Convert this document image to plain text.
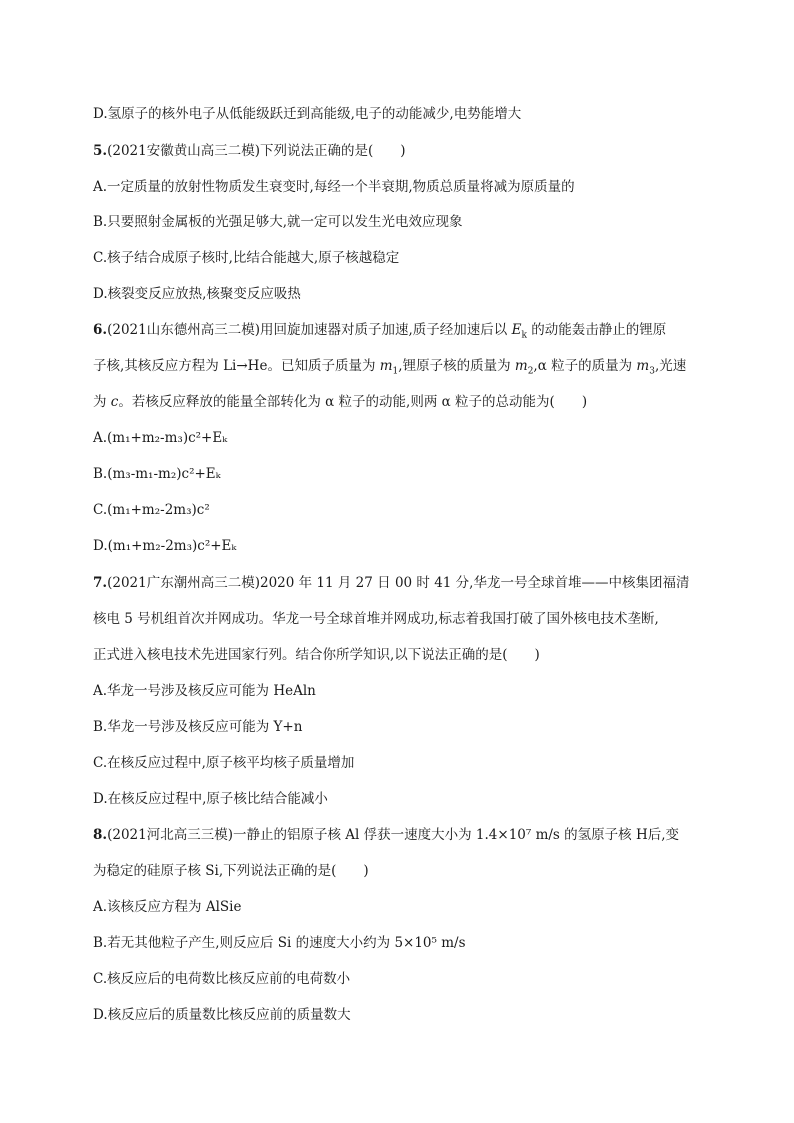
D.氢原子的核外电子从低能级跃迁到高能级,电子的动能减少,电势能增大
5.(2021安徽黄山高三二模)下列说法正确的是(　　)
A.一定质量的放射性物质发生衰变时,每经一个半衰期,物质总质量将减为原质量的
B.只要照射金属板的光强足够大,就一定可以发生光电效应现象
C.核子结合成原子核时,比结合能越大,原子核越稳定
D.核裂变反应放热,核聚变反应吸热
6.(2021山东德州高三二模)用回旋加速器对质子加速,质子经加速后以 $E_k$ 的动能轰击静止的锂原
子核,其核反应方程为 Li→He。已知质子质量为 $m_1$,锂原子核的质量为 $m_2,\alpha$ 粒子的质量为 $m_3$,光速
为 c。若核反应释放的能量全部转化为 α 粒子的动能,则两 α 粒子的总动能为(　　)
A.(m₁+m₂-m₃)c²+Eₖ
B.(m₃-m₁-m₂)c²+Eₖ
C.(m₁+m₂-2m₃)c²
D.(m₁+m₂-2m₃)c²+Eₖ
7.(2021广东潮州高三二模)2020 年 11 月 27 日 00 时 41 分,华龙一号全球首堆——中核集团福清
核电 5 号机组首次并网成功。华龙一号全球首堆并网成功,标志着我国打破了国外核电技术垄断,
正式进入核电技术先进国家行列。结合你所学知识,以下说法正确的是(　　)
A.华龙一号涉及核反应可能为 HeAln
B.华龙一号涉及核反应可能为 Y+n
C.在核反应过程中,原子核平均核子质量增加
D.在核反应过程中,原子核比结合能减小
8.(2021河北高三三模)一静止的铝原子核 Al 俘获一速度大小为 1.4×10⁷ m/s 的氢原子核 H后,变
为稳定的硅原子核 Si,下列说法正确的是(　　)
A.该核反应方程为 AlSie
B.若无其他粒子产生,则反应后 Si 的速度大小约为 5×10⁵ m/s
C.核反应后的电荷数比核反应前的电荷数小
D.核反应后的质量数比核反应前的质量数大
